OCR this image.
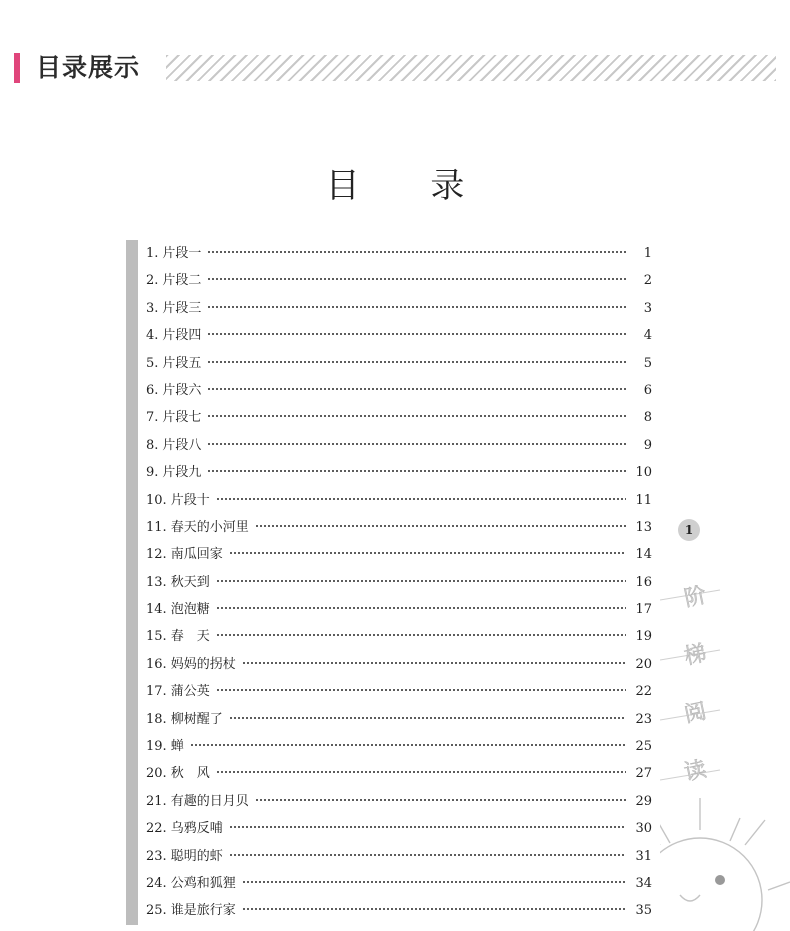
目录展示
目 录
1. 片段一	1
2. 片段二	2
3. 片段三	3
4. 片段四	4
5. 片段五	5
6. 片段六	6
7. 片段七	8
8. 片段八	9
9. 片段九	10
10. 片段十	11
11. 春天的小河里	13
12. 南瓜回家	14
13. 秋天到	16
14. 泡泡糖	17
15. 春　天	19
16. 妈妈的拐杖	20
17. 蒲公英	22
18. 柳树醒了	23
19. 蝉	25
20. 秋　风	27
21. 有趣的日月贝	29
22. 乌鸦反哺	30
23. 聪明的虾	31
24. 公鸡和狐狸	34
25. 谁是旅行家	35
1
阶
梯
阅
读
